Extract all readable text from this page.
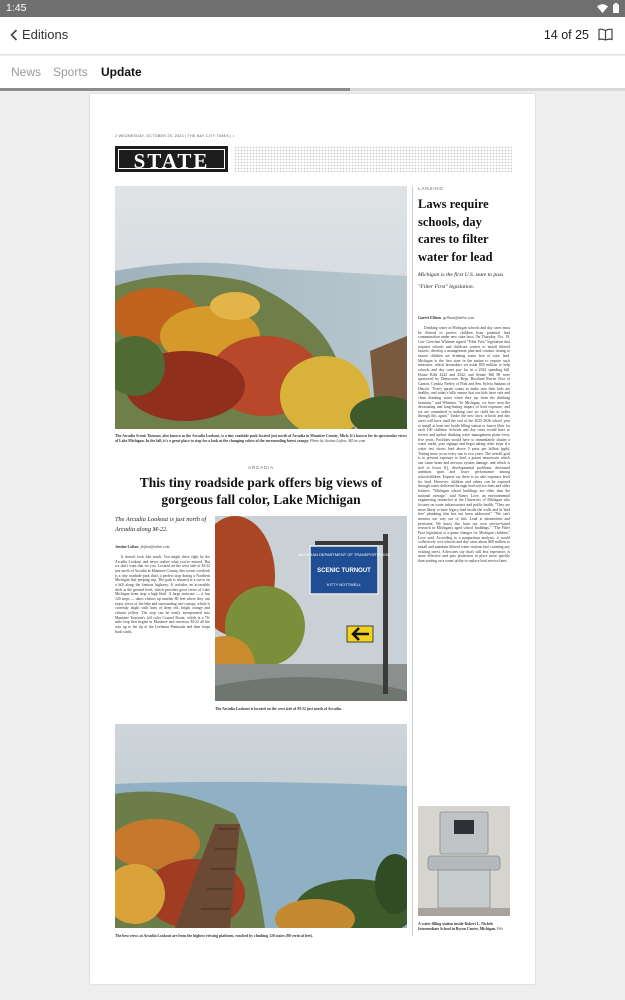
1:45
Editions	14 of 25
News Sports Update
2 WEDNESDAY, OCTOBER 25, 2023 | THE BAY CITY TIMES | •
STATE
The Arcadia Scenic Turnout, also known as the Arcadia Lookout, is a tiny roadside park located just north of Arcadia in Manistee County, Mich. It's known for its spectacular views of Lake Michigan. In the fall, it's a great place to stop for a look at the changing colors of the surrounding forest canopy. Photo by Justine Lofton, MLive.com
ARCADIA
This tiny roadside park offers big views of gorgeous fall color, Lake Michigan
The Arcadia Lookout is just north of Arcadia along M-22.
Justine Lofton jlofton@mlive.com
It doesn't look like much. You might drive right by the Arcadia Lookout and never realize what you've missed. But we don't want that for you. Located on the west side of M-22 just north of Arcadia in Manistee County, this scenic overlook is a tiny roadside park that's a perfect stop during a Northern Michigan leaf peeping trip. The park is situated at a curve on a hill along the famous highway. It includes an accessible deck at the ground level, which provides great views of Lake Michigan from atop a high bluff. A large staircase — it has 120 steps — takes visitors up another 80 feet where they can enjoy views of the lake and surrounding tree canopy, which is currently alight with hues of deep red, bright orange and vibrant yellow. The stop can be easily incorporated into Manistee Tourism's fall color Coastal Route, which is a 76-mile loop that begins in Manistee and traverses M-22 all the way up to the tip of the Leelanau Peninsula and then loops back south.
MICHIGAN DEPARTMENT OF TRANSPORTATION
SCENIC TURNOUT
KITTY NOTTWELL
The Arcadia Lookout is located on the west side of M-22 just north of Arcadia.
The best views at Arcadia Lookout are from the highest viewing platform, reached by climbing 120 stairs (80 vertical feet).
LANSING
Laws require schools, day cares to filter water for lead
Michigan is the first U.S. state to pass "Filter First" legislation.
Garret Ellison gellison@mlive.com
Drinking water at Michigan schools and day cares must be filtered to protect children from potential lead contamination under new state laws. On Thursday, Oct. 19, Gov. Gretchen Whitmer signed "Filter First" legislation that requires schools and childcare centers to install filtered faucets, develop a management plan and conduct testing to ensure children are drinking water free of toxic lead. Michigan is the first state in the nation to require such measures, which lawmakers set aside $50 million to help schools and day cares pay for in a 2022 spending bill. House Bills 4242 and 4342, and Senate Bill 88 were sponsored by Democratic Reps. Rosiland Ruvier Post of Canton, Cynthia Neeley of Flint and Sen. Sylvia Santana of Detroit. "Every parent wants to make sure their kids are healthy, and today's bills ensure that our kids have safe and clean drinking water when they sip from the drinking fountain," said Whitmer. "In Michigan, we have seen the devastating and long-lasting impact of lead exposure, and we are committed to making sure no child has to suffer through this again." Under the new laws, schools and day cares will have until the end of the 2025-2026 school year to install at least one bottle filling station or faucet filter for each 100 children. Schools and day cares would have to review and update drinking water management plans every five years. Facilities would have to immediately shutter a water outlet, post signage and begin taking other steps if a water test shows lead above 5 parts per billion (ppb). Testing must occur every one to two years. The overall goal is to prevent exposure to lead, a potent neurotoxin which can cause brain and nervous system damage, and which is tied to lower IQ, developmental problems, decreased attention span and lower performance among schoolchildren. Experts say there is no safe exposure level for lead. However, children and others can be exposed through water delivered through lead service lines and older fixtures. "Michigan school buildings are older than the national average," said Nancy Love, an environmental engineering researcher at the University of Michigan who focuses on water infrastructure and public health. "They are more likely to have legacy lead inside the walls and in 'lead free' plumbing that has not been addressed." "We can't monitor our way out of this. Lead is intermittent and persistent. We know this from our own service-based research in Michigan's aged school buildings." "The Filter First legislation is a game changer for Michigan children," Love said. According to a nonpartisan analysis, it would collectively cost schools and day cares about $68 million to install and maintain filtered water stations (not counting any existing ones). Advocates say that's still less expensive, is more effective and puts protection in place more quickly than waiting on a water utility to replace lead service lines.
A water filling station inside Robert L. Nickels Intermediate School in Byron Center, Michigan. File
